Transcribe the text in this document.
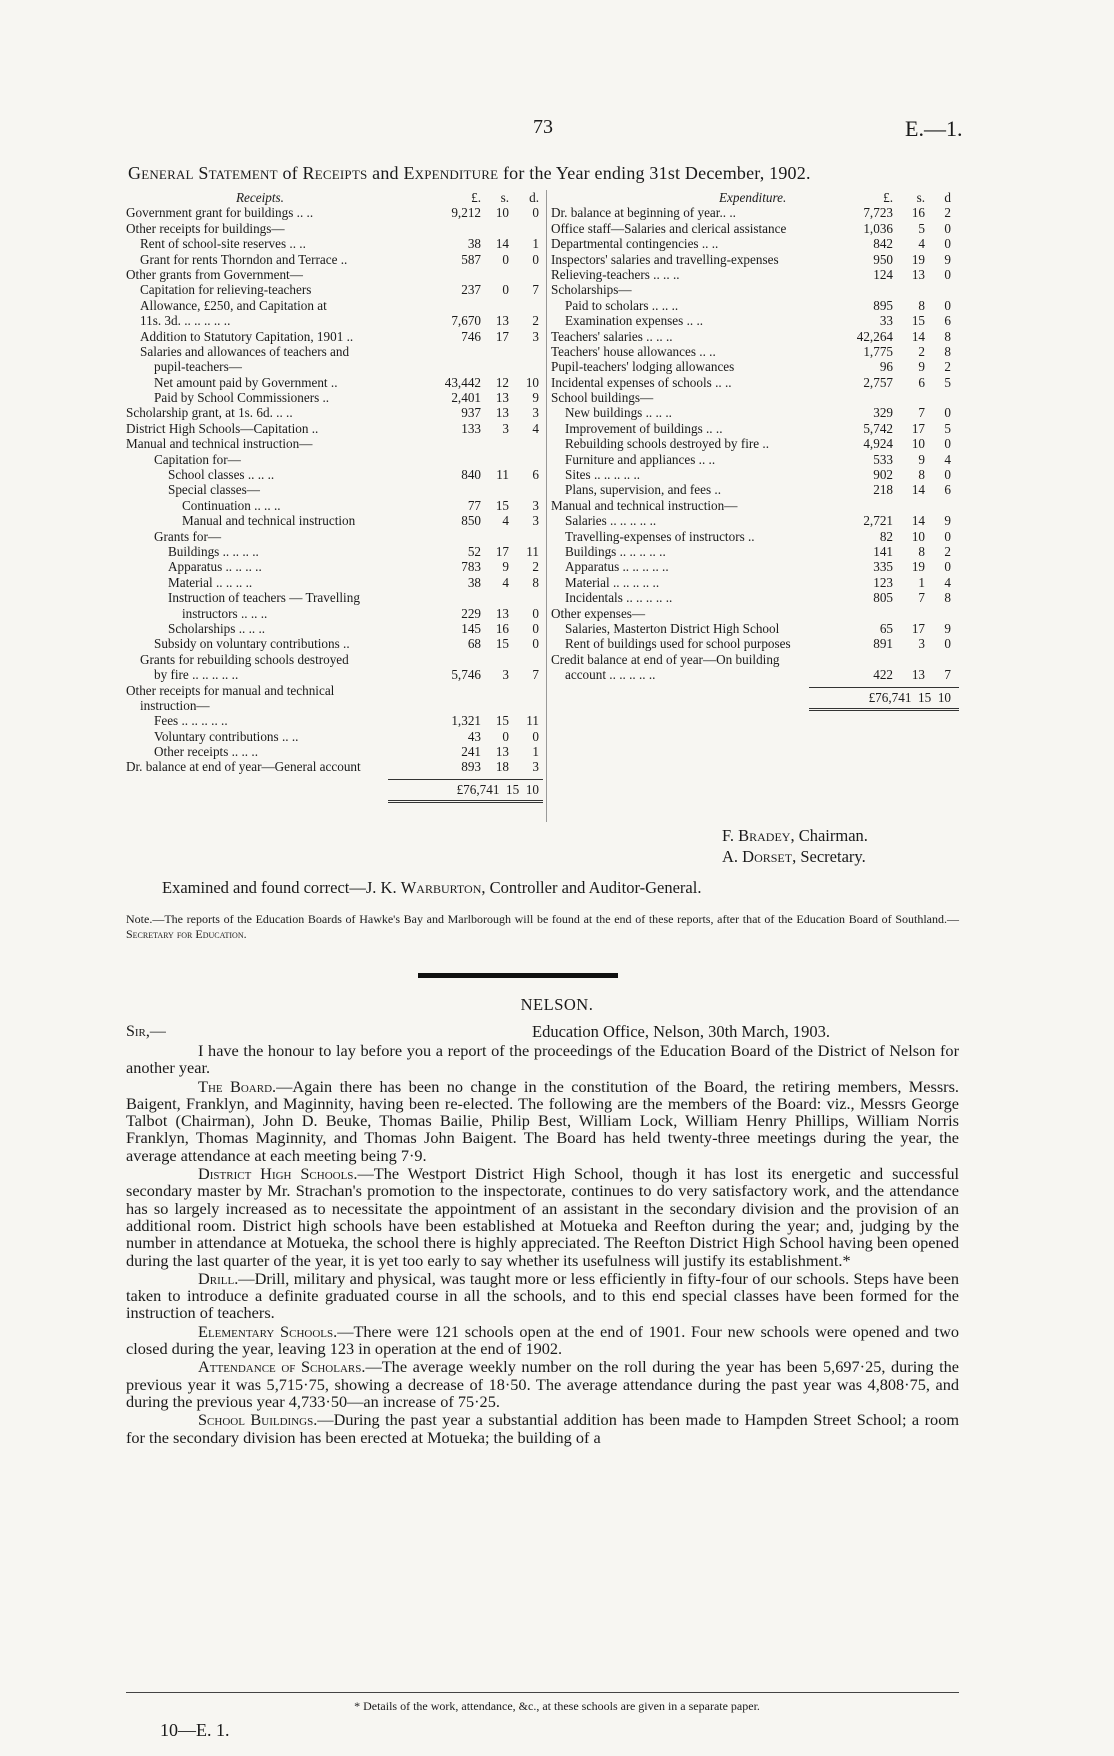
73	E.—1.
General Statement of Receipts and Expenditure for the Year ending 31st December, 1902.
Receipts.	£. s. d.
Government grant for buildings .. ..	9,212 10 0
Other receipts for buildings—
Rent of school-site reserves .. ..	38 14 1
Grant for rents Thorndon and Terrace ..	587 0 0
Other grants from Government—
Capitation for relieving-teachers	237 0 7
Allowance, £250, and Capitation at
11s. 3d. .. .. .. .. ..	7,670 13 2
Addition to Statutory Capitation, 1901 ..	746 17 3
Salaries and allowances of teachers and
pupil-teachers—
Net amount paid by Government ..	43,442 12 10
Paid by School Commissioners ..	2,401 13 9
Scholarship grant, at 1s. 6d. .. ..	937 13 3
District High Schools—Capitation ..	133 3 4
Manual and technical instruction—
Capitation for—
School classes .. .. ..	840 11 6
Special classes—
Continuation .. .. ..	77 15 3
Manual and technical instruction	850 4 3
Grants for—
Buildings .. .. .. ..	52 17 11
Apparatus .. .. .. ..	783 9 2
Material .. .. .. ..	38 4 8
Instruction of teachers — Travelling
instructors .. .. ..	229 13 0
Scholarships .. .. ..	145 16 0
Subsidy on voluntary contributions ..	68 15 0
Grants for rebuilding schools destroyed
by fire .. .. .. .. ..	5,746 3 7
Other receipts for manual and technical
instruction—
Fees .. .. .. .. ..	1,321 15 11
Voluntary contributions .. ..	43 0 0
Other receipts .. .. ..	241 13 1
Dr. balance at end of year—General account	893 18 3
£76,741  15  10
Expenditure.	£. s. d
Dr. balance at beginning of year.. ..	7,723 16 2
Office staff—Salaries and clerical assistance	1,036 5 0
Departmental contingencies .. ..	842 4 0
Inspectors' salaries and travelling-expenses	950 19 9
Relieving-teachers .. .. ..	124 13 0
Scholarships—
Paid to scholars .. .. ..	895 8 0
Examination expenses .. ..	33 15 6
Teachers' salaries .. .. ..	42,264 14 8
Teachers' house allowances .. ..	1,775 2 8
Pupil-teachers' lodging allowances	96 9 2
Incidental expenses of schools .. ..	2,757 6 5
School buildings—
New buildings .. .. ..	329 7 0
Improvement of buildings .. ..	5,742 17 5
Rebuilding schools destroyed by fire ..	4,924 10 0
Furniture and appliances .. ..	533 9 4
Sites .. .. .. .. ..	902 8 0
Plans, supervision, and fees ..	218 14 6
Manual and technical instruction—
Salaries .. .. .. .. ..	2,721 14 9
Travelling-expenses of instructors ..	82 10 0
Buildings .. .. .. .. ..	141 8 2
Apparatus .. .. .. .. ..	335 19 0
Material .. .. .. .. ..	123 1 4
Incidentals .. .. .. .. ..	805 7 8
Other expenses—
Salaries, Masterton District High School	65 17 9
Rent of buildings used for school purposes	891 3 0
Credit balance at end of year—On building
account .. .. .. .. ..	422 13 7
£76,741  15  10
F. Bradey, Chairman.
A. Dorset, Secretary.
Examined and found correct—J. K. Warburton, Controller and Auditor-General.
Note.—The reports of the Education Boards of Hawke's Bay and Marlborough will be found at the end of these reports, after that of the Education Board of Southland.—Secretary for Education.
NELSON.
Sir,—	Education Office, Nelson, 30th March, 1903.

I have the honour to lay before you a report of the proceedings of the Education Board of the District of Nelson for another year.

The Board.—Again there has been no change in the constitution of the Board, the retiring members, Messrs. Baigent, Franklyn, and Maginnity, having been re-elected. The following are the members of the Board: viz., Messrs George Talbot (Chairman), John D. Beuke, Thomas Bailie, Philip Best, William Lock, William Henry Phillips, William Norris Franklyn, Thomas Maginnity, and Thomas John Baigent. The Board has held twenty-three meetings during the year, the average attendance at each meeting being 7·9.

District High Schools.—The Westport District High School, though it has lost its energetic and successful secondary master by Mr. Strachan's promotion to the inspectorate, continues to do very satisfactory work, and the attendance has so largely increased as to necessitate the appointment of an assistant in the secondary division and the provision of an additional room. District high schools have been established at Motueka and Reefton during the year; and, judging by the number in attendance at Motueka, the school there is highly appreciated. The Reefton District High School having been opened during the last quarter of the year, it is yet too early to say whether its usefulness will justify its establishment.*

Drill.—Drill, military and physical, was taught more or less efficiently in fifty-four of our schools. Steps have been taken to introduce a definite graduated course in all the schools, and to this end special classes have been formed for the instruction of teachers.

Elementary Schools.—There were 121 schools open at the end of 1901. Four new schools were opened and two closed during the year, leaving 123 in operation at the end of 1902.

Attendance of Scholars.—The average weekly number on the roll during the year has been 5,697·25, during the previous year it was 5,715·75, showing a decrease of 18·50. The average attendance during the past year was 4,808·75, and during the previous year 4,733·50—an increase of 75·25.

School Buildings.—During the past year a substantial addition has been made to Hampden Street School; a room for the secondary division has been erected at Motueka; the building of a

* Details of the work, attendance, &c., at these schools are given in a separate paper.
10—E. 1.
